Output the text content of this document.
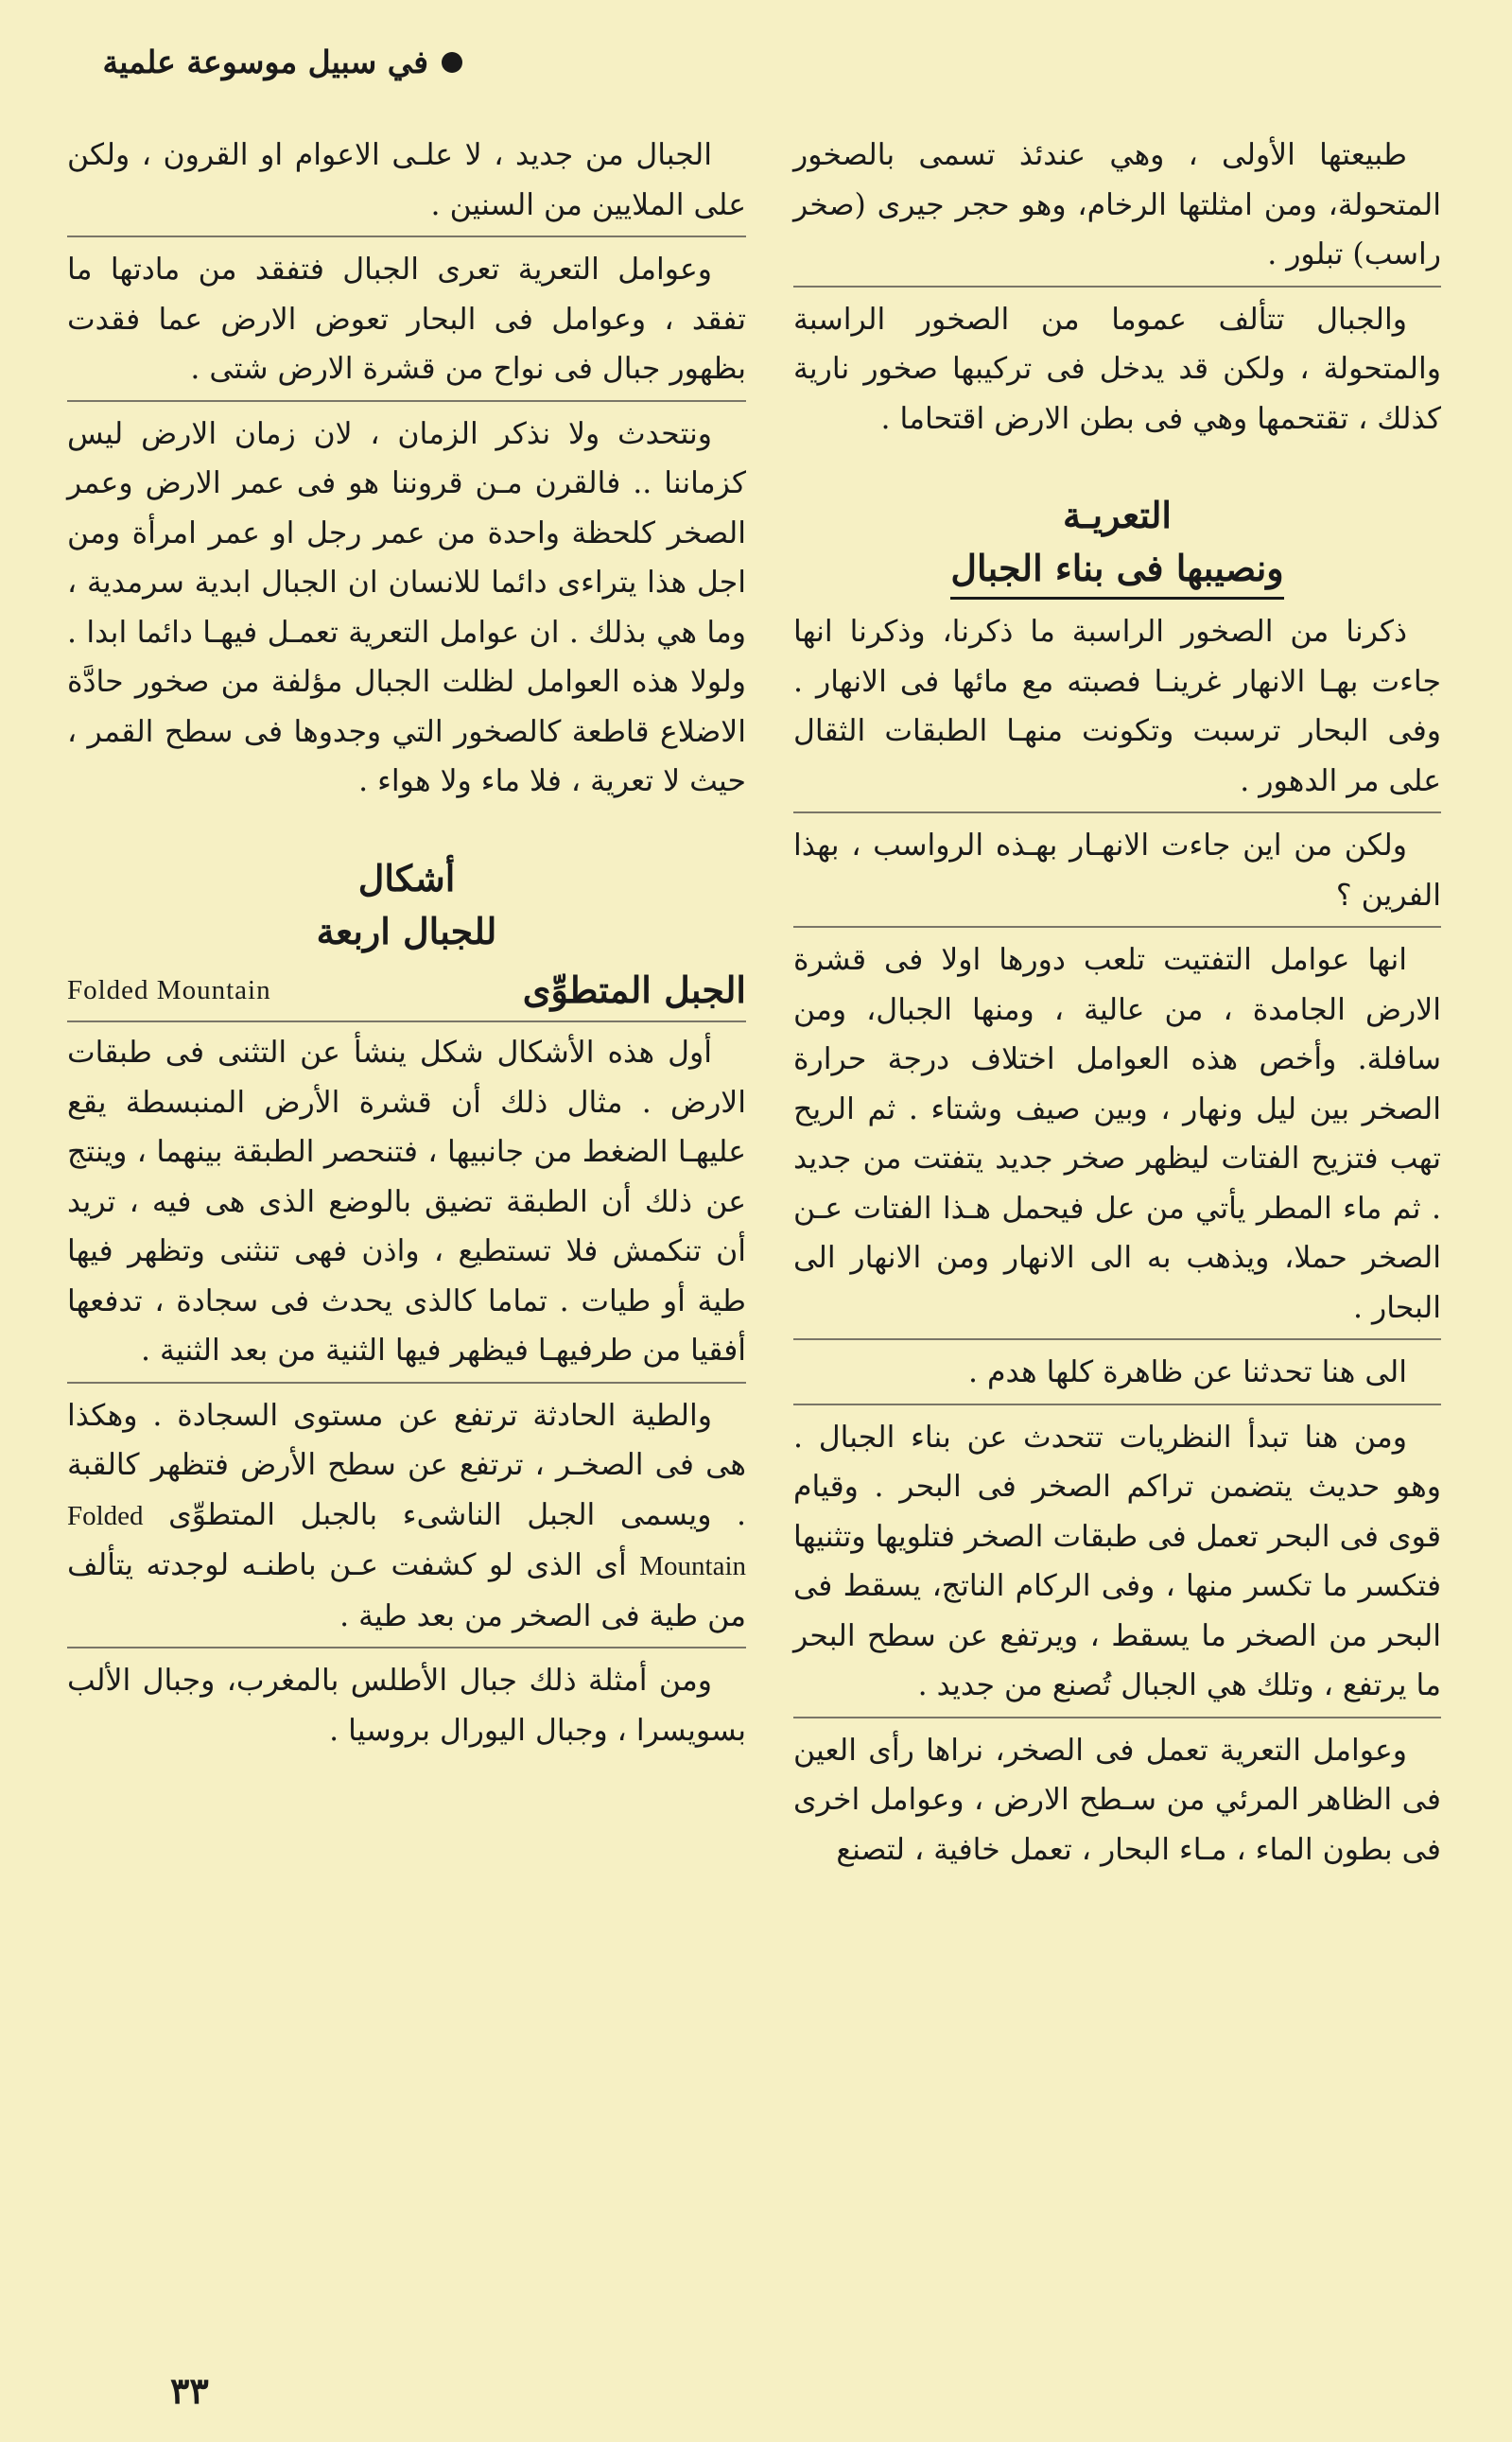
في سبيل موسوعة علمية

طبيعتها الأولى ، وهي عندئذ تسمى بالصخور المتحولة، ومن امثلتها الرخام، وهو حجر جيرى (صخر راسب) تبلور .

والجبال تتألف عموما من الصخور الراسبة والمتحولة ، ولكن قد يدخل فى تركيبها صخور نارية كذلك ، تقتحمها وهي فى بطن الارض اقتحاما .

التعريـة
ونصيبها فى بناء الجبال

ذكرنا من الصخور الراسبة ما ذكرنا، وذكرنا انها جاءت بهـا الانهار غرينـا فصبته مع مائها فى الانهار . وفى البحار ترسبت وتكونت منهـا الطبقات الثقال على مر الدهور .

ولكن من اين جاءت الانهـار بهـذه الرواسب ، بهذا الفرين ؟

انها عوامل التفتيت تلعب دورها اولا فى قشرة الارض الجامدة ، من عالية ، ومنها الجبال، ومن سافلة. وأخص هذه العوامل اختلاف درجة حرارة الصخر بين ليل ونهار ، وبين صيف وشتاء . ثم الريح تهب فتزيح الفتات ليظهر صخر جديد يتفتت من جديد . ثم ماء المطر يأتي من عل فيحمل هـذا الفتات عـن الصخر حملا، ويذهب به الى الانهار ومن الانهار الى البحار .

الى هنا تحدثنا عن ظاهرة كلها هدم .

ومن هنا تبدأ النظريات تتحدث عن بناء الجبال . وهو حديث يتضمن تراكم الصخر فى البحر . وقيام قوى فى البحر تعمل فى طبقات الصخر فتلويها وتثنيها فتكسر ما تكسر منها ، وفى الركام الناتج، يسقط فى البحر من الصخر ما يسقط ، ويرتفع عن سطح البحر ما يرتفع ، وتلك هي الجبال تُصنع من جديد .

وعوامل التعرية تعمل فى الصخر، نراها رأى العين فى الظاهر المرئي من سـطح الارض ، وعوامل اخرى فى بطون الماء ، مـاء البحار ، تعمل خافية ، لتصنع

الجبال من جديد ، لا علـى الاعوام او القرون ، ولكن على الملايين من السنين .

وعوامل التعرية تعرى الجبال فتفقد من مادتها ما تفقد ، وعوامل فى البحار تعوض الارض عما فقدت بظهور جبال فى نواح من قشرة الارض شتى .

ونتحدث ولا نذكر الزمان ، لان زمان الارض ليس كزماننا .. فالقرن مـن قروننا هو فى عمر الارض وعمر الصخر كلحظة واحدة من عمر رجل او عمر امرأة ومن اجل هذا يتراءى دائما للانسان ان الجبال ابدية سرمدية ، وما هي بذلك . ان عوامل التعرية تعمـل فيهـا دائما ابدا . ولولا هذه العوامل لظلت الجبال مؤلفة من صخور حادَّة الاضلاع قاطعة كالصخور التي وجدوها فى سطح القمر ، حيث لا تعرية ، فلا ماء ولا هواء .

أشكال
للجبال اربعة
الجبل المتطوِّى
Folded Mountain

أول هذه الأشكال شكل ينشأ عن التثنى فى طبقات الارض . مثال ذلك أن قشرة الأرض المنبسطة يقع عليهـا الضغط من جانبيها ، فتنحصر الطبقة بينهما ، وينتج عن ذلك أن الطبقة تضيق بالوضع الذى هى فيه ، تريد أن تنكمش فلا تستطيع ، واذن فهى تنثنى وتظهر فيها طية أو طيات . تماما كالذى يحدث فى سجادة ، تدفعها أفقيا من طرفيهـا فيظهر فيها الثنية من بعد الثنية .

والطية الحادثة ترتفع عن مستوى السجادة . وهكذا هى فى الصخـر ، ترتفع عن سطح الأرض فتظهر كالقبة . ويسمى الجبل الناشىء بالجبل المتطوِّى Folded Mountain أى الذى لو كشفت عـن باطنـه لوجدته يتألف من طية فى الصخر من بعد طية .

ومن أمثلة ذلك جبال الأطلس بالمغرب، وجبال الألب بسويسرا ، وجبال اليورال بروسيا .

٣٣
